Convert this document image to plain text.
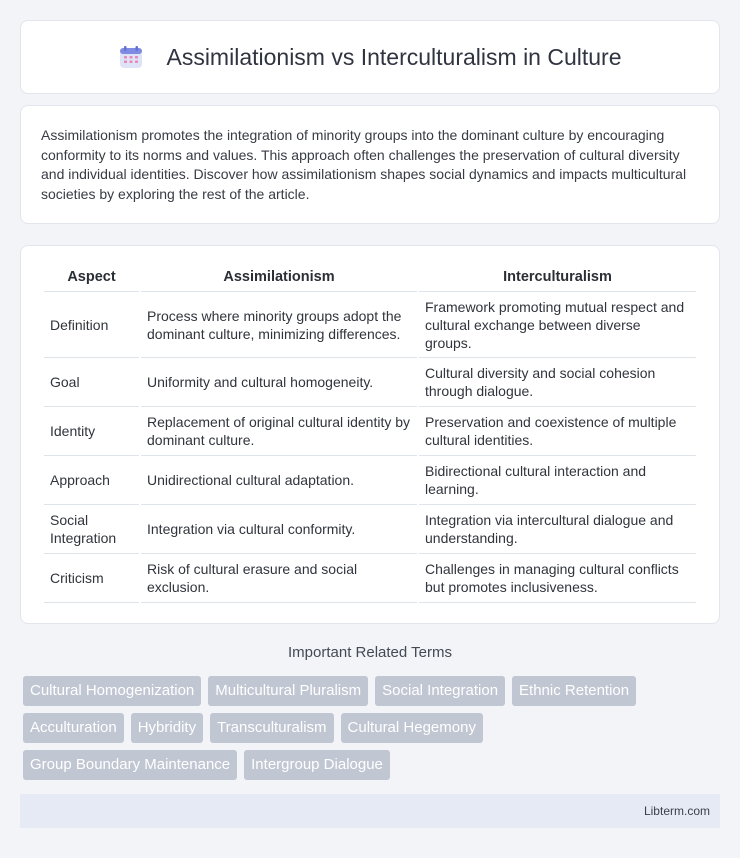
Assimilationism vs Interculturalism in Culture

Assimilationism promotes the integration of minority groups into the dominant culture by encouraging conformity to its norms and values. This approach often challenges the preservation of cultural diversity and individual identities. Discover how assimilationism shapes social dynamics and impacts multicultural societies by exploring the rest of the article.

Aspect	Assimilationism	Interculturalism
Definition	Process where minority groups adopt the dominant culture, minimizing differences.	Framework promoting mutual respect and cultural exchange between diverse groups.
Goal	Uniformity and cultural homogeneity.	Cultural diversity and social cohesion through dialogue.
Identity	Replacement of original cultural identity by dominant culture.	Preservation and coexistence of multiple cultural identities.
Approach	Unidirectional cultural adaptation.	Bidirectional cultural interaction and learning.
Social Integration	Integration via cultural conformity.	Integration via intercultural dialogue and understanding.
Criticism	Risk of cultural erasure and social exclusion.	Challenges in managing cultural conflicts but promotes inclusiveness.
Important Related Terms
Cultural Homogenization	Multicultural Pluralism	Social Integration	Ethnic Retention
Acculturation	Hybridity	Transculturalism	Cultural Hegemony
Group Boundary Maintenance	Intergroup Dialogue
Libterm.com
